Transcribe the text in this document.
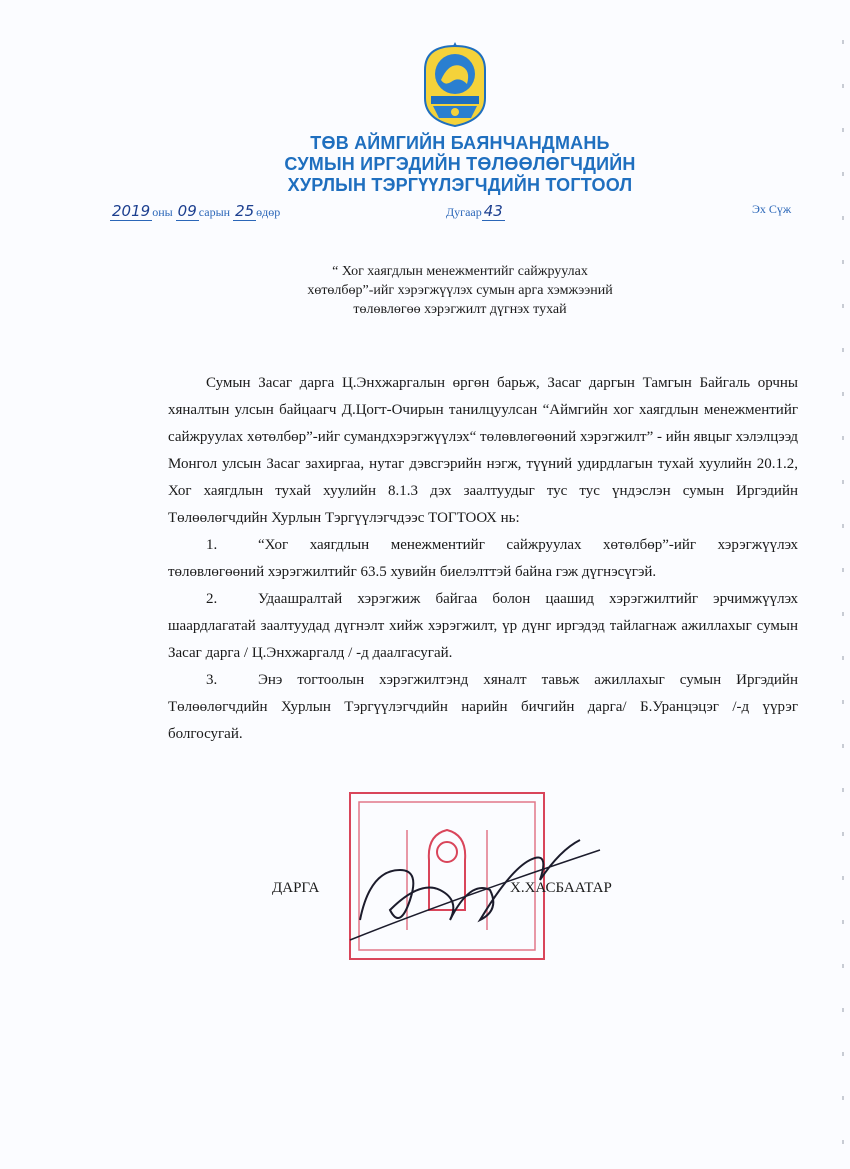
ТӨВ АЙМГИЙН БАЯНЧАНДМАНЬ
СУМЫН ИРГЭДИЙН ТӨЛӨӨЛӨГЧДИЙН
ХУРЛЫН ТЭРГҮҮЛЭГЧДИЙН ТОГТООЛ
2019 оны 09 сарын 25 өдөр	Дугаар 43	Эх Сүж
“ Хог хаягдлын менежментийг сайжруулах
хөтөлбөр”-ийг хэрэгжүүлэх сумын арга хэмжээний
төлөвлөгөө хэрэгжилт дүгнэх тухай

Сумын Засаг дарга Ц.Энхжаргалын өргөн барьж, Засаг даргын Тамгын Байгаль орчны хяналтын улсын байцаагч Д.Цогт-Очирын танилцуулсан “Аймгийн хог хаягдлын менежментийг сайжруулах хөтөлбөр”-ийг сумандхэрэгжүүлэх“ төлөвлөгөөний хэрэгжилт” - ийн явцыг хэлэлцээд Монгол улсын Засаг захиргаа, нутаг дэвсгэрийн нэгж, түүний удирдлагын тухай хуулийн 20.1.2, Хог хаягдлын тухай хуулийн 8.1.3 дэх заалтуудыг тус тус үндэслэн сумын Иргэдийн Төлөөлөгчдийн Хурлын Тэргүүлэгчдээс ТОГТООХ нь:

1.	“Хог хаягдлын менежментийг сайжруулах хөтөлбөр”-ийг хэрэгжүүлэх төлөвлөгөөний хэрэгжилтийг 63.5 хувийн биелэлттэй байна гэж дүгнэсүгэй.

2.	Удаашралтай хэрэгжиж байгаа болон цаашид хэрэгжилтийг эрчимжүүлэх шаардлагатай заалтуудад дүгнэлт хийж хэрэгжилт, үр дүнг иргэдэд тайлагнаж ажиллахыг сумын Засаг дарга / Ц.Энхжаргалд / -д даалгасугай.

3.	Энэ тогтоолын хэрэгжилтэнд хяналт тавьж ажиллахыг сумын Иргэдийн Төлөөлөгчдийн Хурлын Тэргүүлэгчдийн нарийн бичгийн дарга/ Б.Уранцэцэг /-д үүрэг болгосугай.

ДАРГА	Х.ХАСБААТАР
